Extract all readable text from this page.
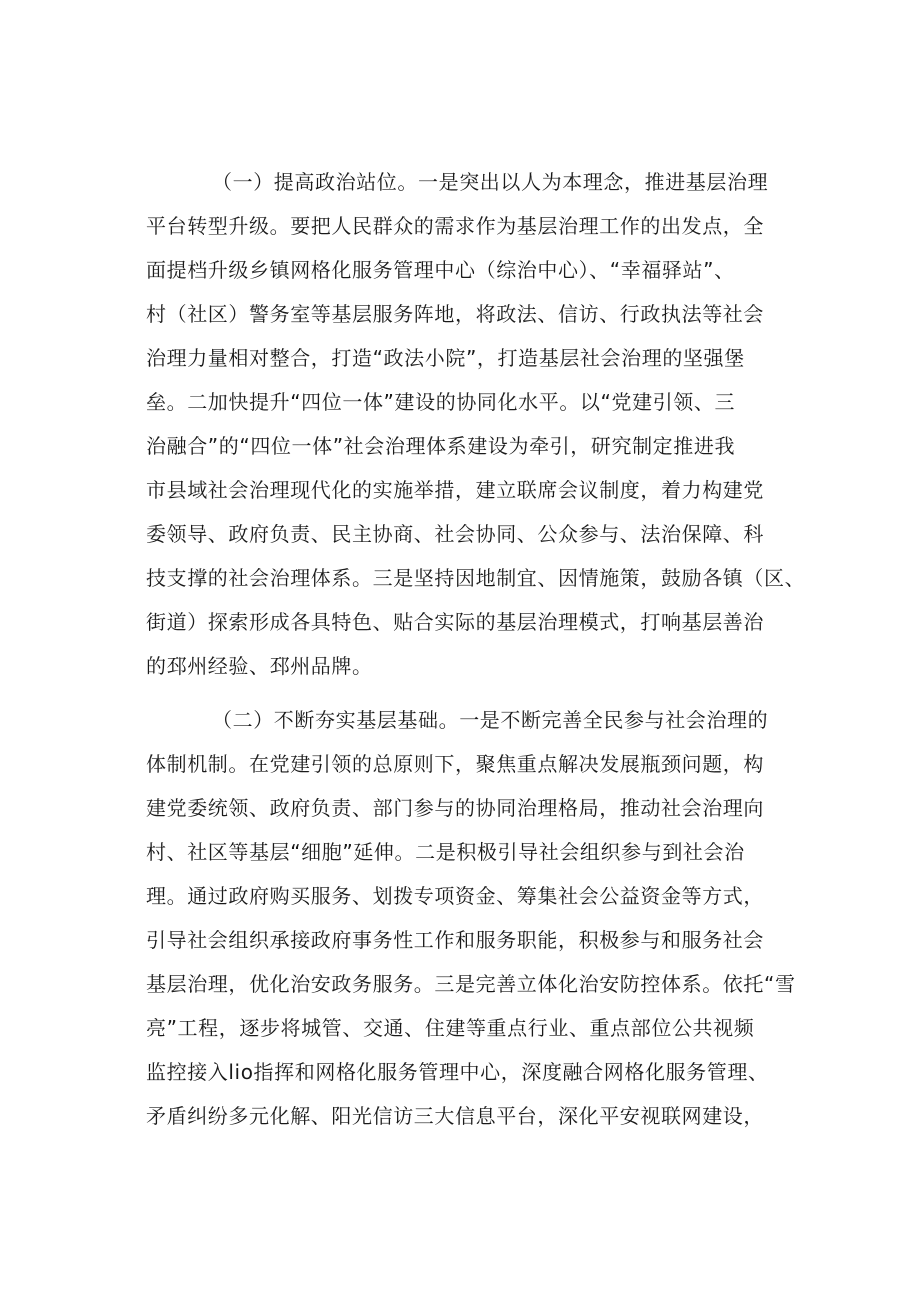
（一）提高政治站位。一是突出以人为本理念，推进基层治理
平台转型升级。要把人民群众的需求作为基层治理工作的出发点，全
面提档升级乡镇网格化服务管理中心（综治中心）、“幸福驿站”、
村（社区）警务室等基层服务阵地，将政法、信访、行政执法等社会
治理力量相对整合，打造“政法小院”，打造基层社会治理的坚强堡
垒。二加快提升“四位一体”建设的协同化水平。以“党建引领、三
治融合”的“四位一体”社会治理体系建设为牵引，研究制定推进我
市县域社会治理现代化的实施举措，建立联席会议制度，着力构建党
委领导、政府负责、民主协商、社会协同、公众参与、法治保障、科
技支撑的社会治理体系。三是坚持因地制宜、因情施策，鼓励各镇（区、
街道）探索形成各具特色、贴合实际的基层治理模式，打响基层善治
的邳州经验、邳州品牌。
（二）不断夯实基层基础。一是不断完善全民参与社会治理的
体制机制。在党建引领的总原则下，聚焦重点解决发展瓶颈问题，构
建党委统领、政府负责、部门参与的协同治理格局，推动社会治理向
村、社区等基层“细胞”延伸。二是积极引导社会组织参与到社会治
理。通过政府购买服务、划拨专项资金、筹集社会公益资金等方式，
引导社会组织承接政府事务性工作和服务职能，积极参与和服务社会
基层治理，优化治安政务服务。三是完善立体化治安防控体系。依托“雪
亮”工程，逐步将城管、交通、住建等重点行业、重点部位公共视频
监控接入lio指挥和网格化服务管理中心，深度融合网格化服务管理、
矛盾纠纷多元化解、阳光信访三大信息平台，深化平安视联网建设，
